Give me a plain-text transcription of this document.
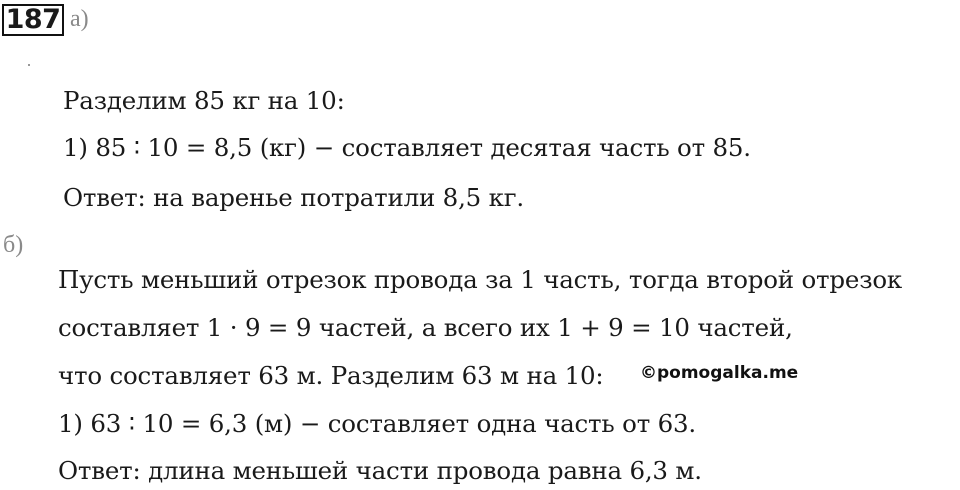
187 а)
Разделим 85 кг на 10:
1) 85 ∶ 10 = 8,5 (кг) − составляет десятая часть от 85.
Ответ: на варенье потратили 8,5 кг.
б)
Пусть меньший отрезок провода за 1 часть, тогда второй отрезок
составляет 1 · 9 = 9 частей, а всего их 1 + 9 = 10 частей,
что составляет 63 м. Разделим 63 м на 10:
1) 63 ∶ 10 = 6,3 (м) − составляет одна часть от 63.
Ответ: длина меньшей части провода равна 6,3 м.
©pomogalka.me
